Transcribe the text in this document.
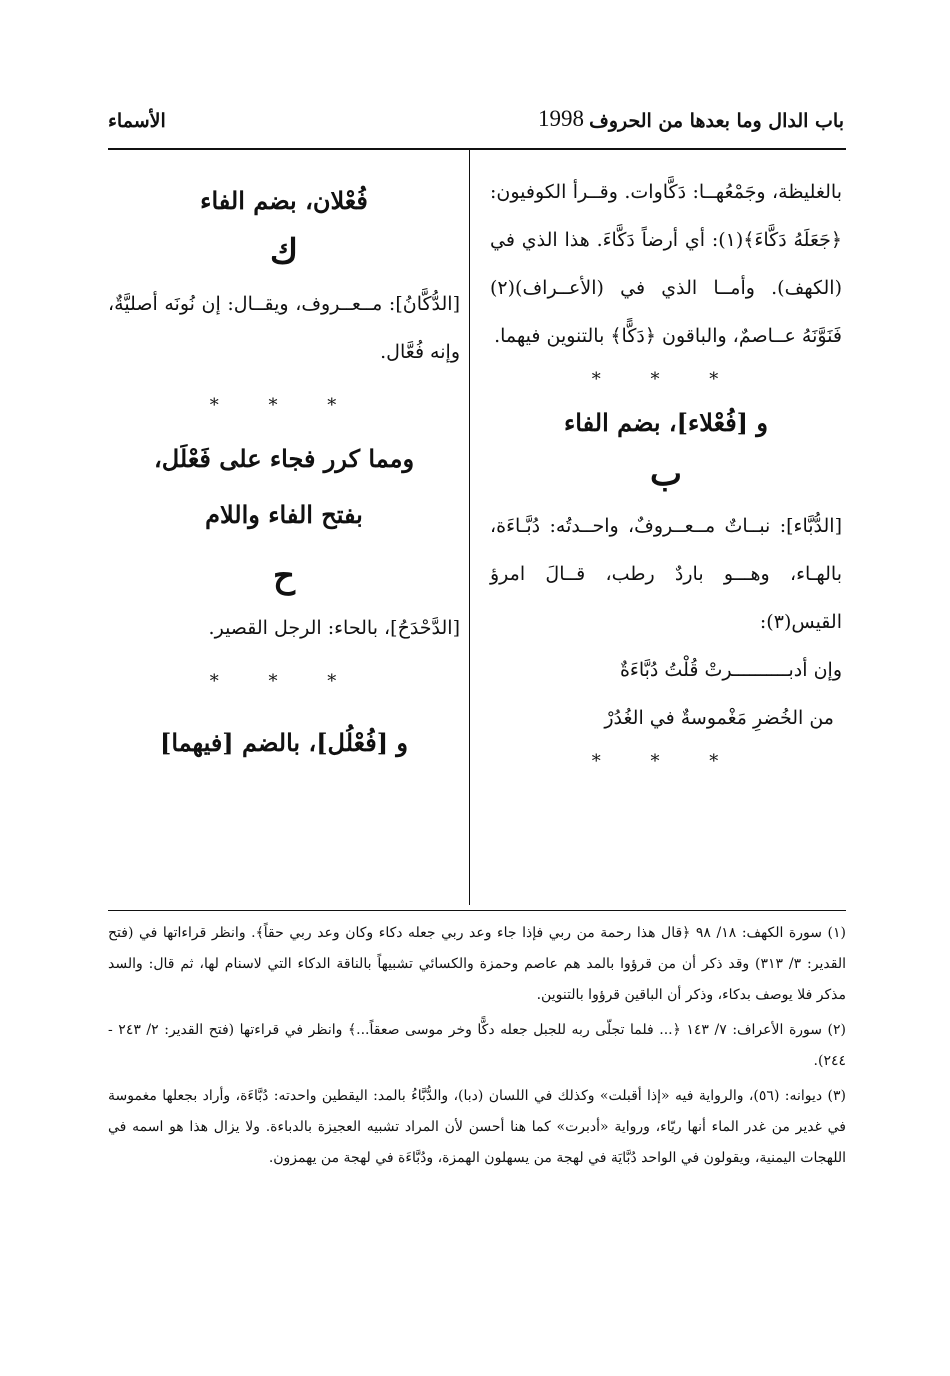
باب الدال وما بعدها من الحروف
1998
الأسماء

بالغليظة، وجَمْعُهــا: دَكَّاوات. وقــرأ الكوفيون: ﴿جَعَلَهُ دَكَّاءَ﴾(١): أي أرضاً دَكَّاءَ. هذا الذي في (الكهف). وأمــا الذي في (الأعــراف)(٢) فَنَوَّنَهُ عــاصمٌ، والباقون ﴿دَكًّا﴾ بالتنوين فيهما.

* * *

و [فُعْلاء]، بضم الفاء

ب

[الدُّبَّاء]: نبــاتٌ مــعــروفٌ، واحــدتُه: دُبَّـاءَة، بالهـاء، وهـــو باردٌ رطب، قــالَ امرؤ القيس(٣):

وإن أدبــــــــــرتْ قُلْتُ دُبَّاءَةٌ

من الخُضرِ مَغْموسةٌ في الغُدُرْ

* * *

فُعْلان، بضم الفاء

ك

[الدُّكَّانُ]: مــعــروف، ويقــال: إن نُونَه أصليَّةٌ، وإنه فُعَّال.

* * *

ومما كرر فجاء على فَعْلَل،

بفتح الفاء واللام

ح

[الدَّحْدَحُ]، بالحاء: الرجل القصير.

* * *

و [فُعْلُل]، بالضم [فيهما]

(١) سورة الكهف: ١٨/ ٩٨ ﴿قال هذا رحمة من ربي فإذا جاء وعد ربي جعله دكاء وكان وعد ربي حقاً﴾. وانظر قراءاتها في (فتح القدير: ٣/ ٣١٣) وقد ذكر أن من قرؤوا بالمد هم عاصم وحمزة والكسائي تشبيهاً بالناقة الدكاء التي لاسنام لها، ثم قال: والسد مذكر فلا يوصف بدكاء، وذكر أن الباقين قرؤوا بالتنوين.

(٢) سورة الأعراف: ٧/ ١٤٣ ﴿... فلما تجلّى ربه للجبل جعله دكًّا وخر موسى صعقاً...﴾ وانظر في قراءتها (فتح القدير: ٢/ ٢٤٣ - ٢٤٤).

(٣) ديوانه: (٥٦)، والرواية فيه «إذا أقبلت» وكذلك في اللسان (دبا)، والدُّبَّاءُ بالمد: اليقطين واحدته: دُبَّاءَة، وأراد بجعلها مغموسة في غدير من غدر الماء أنها ريّاء، ورواية «أدبرت» كما هنا أحسن لأن المراد تشبيه العجيزة بالدباءة. ولا يزال هذا هو اسمه في اللهجات اليمنية، ويقولون في الواحد دُبَّايَة في لهجة من يسهلون الهمزة، ودُبَّاءَة في لهجة من يهمزون.
